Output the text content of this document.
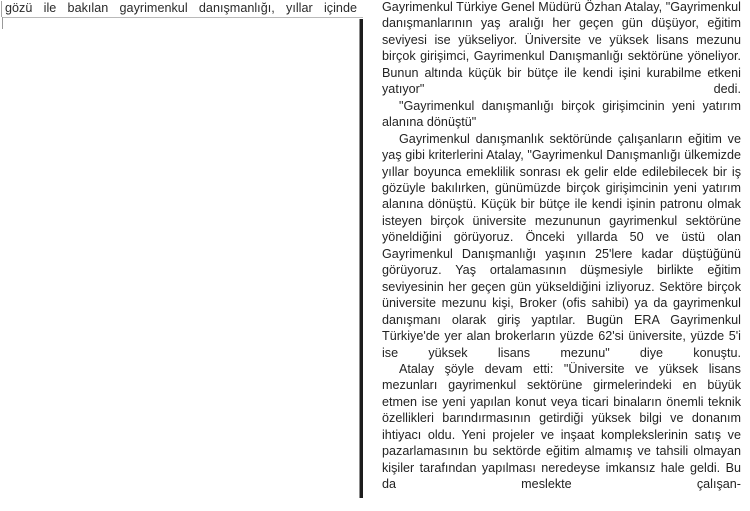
gözü ile bakılan gayrimenkul danışmanlığı, yıllar içinde Gayrimenkul Türkiye Genel Müdürü Özhan Atalay, "Gayrimenkul danışmanlarının yaş aralığı her geçen gün düşüyor, eğitim seviyesi ise yükseliyor. Üniversite ve yüksek lisans mezunu birçok girişimci, Gayrimenkul Danışmanlığı sektörüne yöneliyor. Bunun altında küçük bir bütçe ile kendi işini kurabilme etkeni yatıyor" dedi.

"Gayrimenkul danışmanlığı birçok girişimcinin yeni yatırım alanına dönüştü"

Gayrimenkul danışmanlık sektöründe çalışanların eğitim ve yaş gibi kriterlerini Atalay, "Gayrimenkul Danışmanlığı ülkemizde yıllar boyunca emeklilik sonrası ek gelir elde edilebilecek bir iş gözüyle bakılırken, günümüzde birçok girişimcinin yeni yatırım alanına dönüştü. Küçük bir bütçe ile kendi işinin patronu olmak isteyen birçok üniversite mezununun gayrimenkul sektörüne yöneldiğini görüyoruz. Önceki yıllarda 50 ve üstü olan Gayrimenkul Danışmanlığı yaşının 25'lere kadar düştüğünü görüyoruz. Yaş ortalamasının düşmesiyle birlikte eğitim seviyesinin her geçen gün yükseldiğini izliyoruz. Sektöre birçok üniversite mezunu kişi, Broker (ofis sahibi) ya da gayrimenkul danışmanı olarak giriş yaptılar. Bugün ERA Gayrimenkul Türkiye'de yer alan brokerların yüzde 62'si üniversite, yüzde 5'i ise yüksek lisans mezunu" diye konuştu.

Atalay şöyle devam etti: "Üniversite ve yüksek lisans mezunları gayrimenkul sektörüne girmelerindeki en büyük etmen ise yeni yapılan konut veya ticari binaların önemli teknik özellikleri barındırmasının getirdiği yüksek bilgi ve donanım ihtiyacı oldu. Yeni projeler ve inşaat komplekslerinin satış ve pazarlamasının bu sektörde eğitim almamış ve tahsili olmayan kişiler tarafından yapılması neredeyse imkansız hale geldi. Bu da meslekte çalışan-
